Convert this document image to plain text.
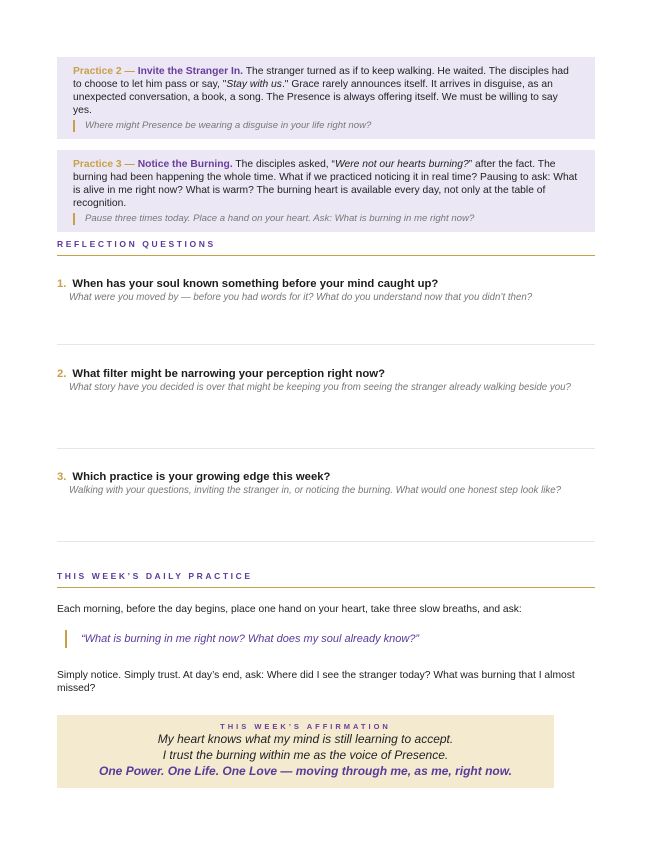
Practice 2 — Invite the Stranger In. The stranger turned as if to keep walking. He waited. The disciples had to choose to let him pass or say, "Stay with us." Grace rarely announces itself. It arrives in disguise, as an unexpected conversation, a book, a song. The Presence is always offering itself. We must be willing to say yes.
Where might Presence be wearing a disguise in your life right now?
Practice 3 — Notice the Burning. The disciples asked, “Were not our hearts burning?” after the fact. The burning had been happening the whole time. What if we practiced noticing it in real time? Pausing to ask: What is alive in me right now? What is warm? The burning heart is available every day, not only at the table of recognition.
Pause three times today. Place a hand on your heart. Ask: What is burning in me right now?
REFLECTION QUESTIONS
1. When has your soul known something before your mind caught up?
What were you moved by — before you had words for it? What do you understand now that you didn’t then?
2. What filter might be narrowing your perception right now?
What story have you decided is over that might be keeping you from seeing the stranger already walking beside you?
3. Which practice is your growing edge this week?
Walking with your questions, inviting the stranger in, or noticing the burning. What would one honest step look like?
THIS WEEK’S DAILY PRACTICE
Each morning, before the day begins, place one hand on your heart, take three slow breaths, and ask:
“What is burning in me right now? What does my soul already know?”
Simply notice. Simply trust. At day’s end, ask: Where did I see the stranger today? What was burning that I almost missed?
THIS WEEK’S AFFIRMATION
My heart knows what my mind is still learning to accept.
I trust the burning within me as the voice of Presence.
One Power. One Life. One Love — moving through me, as me, right now.
